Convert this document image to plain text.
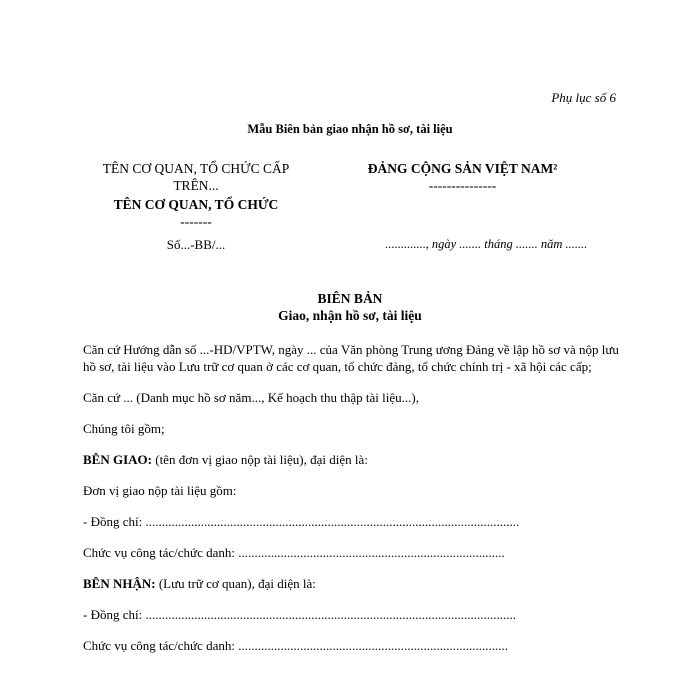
Phụ lục số 6
Mẫu Biên bản giao nhận hồ sơ, tài liệu
TÊN CƠ QUAN, TỔ CHỨC CẤP TRÊN...
TÊN CƠ QUAN, TỔ CHỨC
-------
ĐẢNG CỘNG SẢN VIỆT NAM²
---------------
Số...-BB/...	............., ngày ....... tháng ....... năm .......
BIÊN BẢN
Giao, nhận hồ sơ, tài liệu

Căn cứ Hướng dẫn số ...-HD/VPTW, ngày ... của Văn phòng Trung ương Đảng về lập hồ sơ và nộp lưu hồ sơ, tài liệu vào Lưu trữ cơ quan ở các cơ quan, tổ chức đảng, tổ chức chính trị - xã hội các cấp;

Căn cứ ... (Danh mục hồ sơ năm..., Kế hoạch thu thập tài liệu...),

Chúng tôi gồm;

BÊN GIAO: (tên đơn vị giao nộp tài liệu), đại diện là:

Đơn vị giao nộp tài liệu gồm:

- Đồng chí: ...................................................................................................................

Chức vụ công tác/chức danh: ..................................................................................

BÊN NHẬN: (Lưu trữ cơ quan), đại diện là:

- Đồng chí: ..................................................................................................................

Chức vụ công tác/chức danh: ...................................................................................
